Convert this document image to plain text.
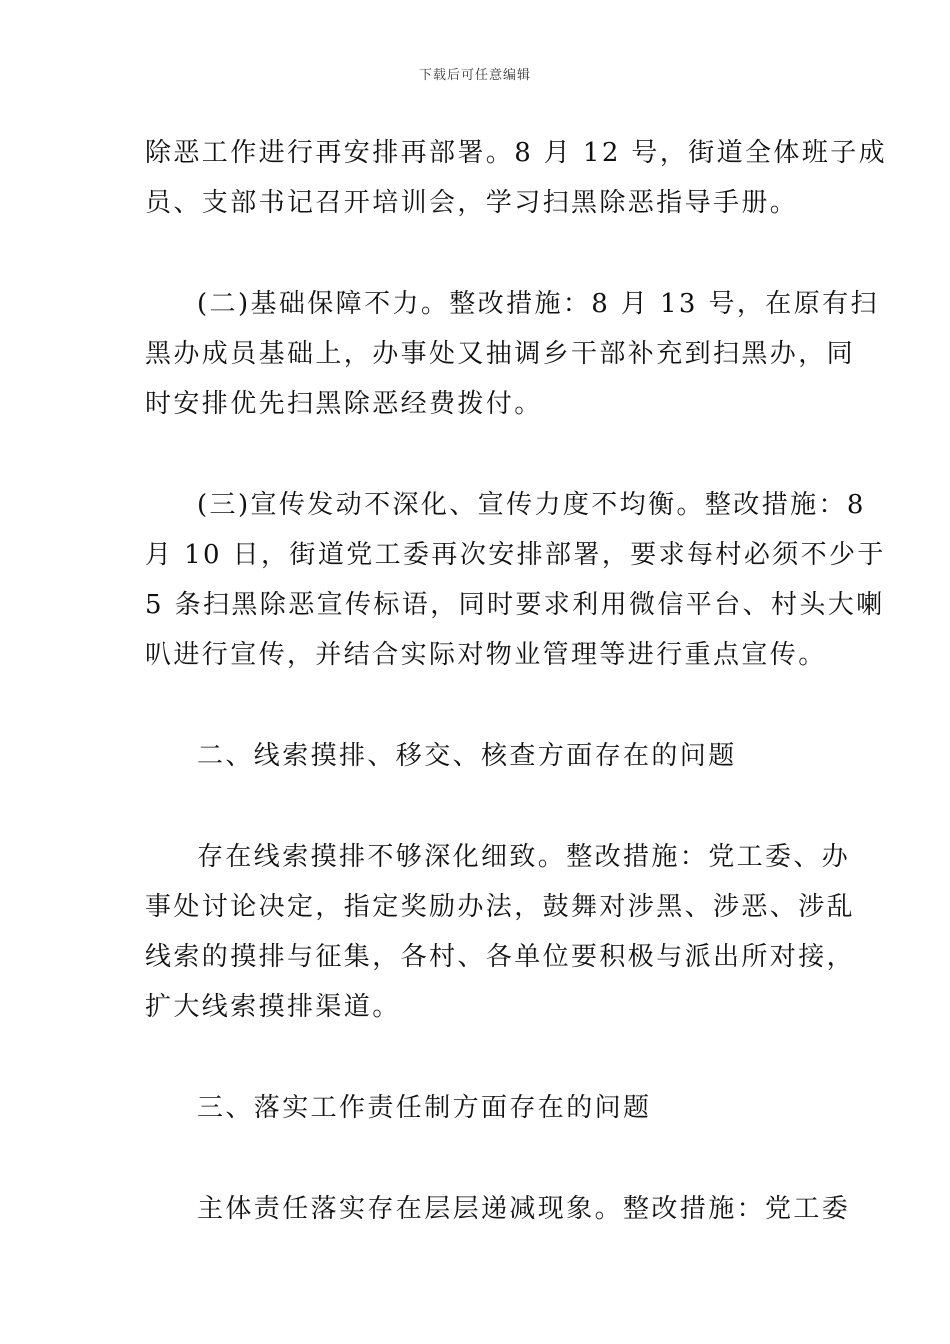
下载后可任意编辑
除恶工作进行再安排再部署。8 月 12 号，街道全体班子成
员、支部书记召开培训会，学习扫黑除恶指导手册。
(二)基础保障不力。整改措施：8 月 13 号，在原有扫
黑办成员基础上，办事处又抽调乡干部补充到扫黑办，同
时安排优先扫黑除恶经费拨付。
(三)宣传发动不深化、宣传力度不均衡。整改措施：8
月 10 日，街道党工委再次安排部署，要求每村必须不少于
5 条扫黑除恶宣传标语，同时要求利用微信平台、村头大喇
叭进行宣传，并结合实际对物业管理等进行重点宣传。
二、线索摸排、移交、核查方面存在的问题
存在线索摸排不够深化细致。整改措施：党工委、办
事处讨论决定，指定奖励办法，鼓舞对涉黑、涉恶、涉乱
线索的摸排与征集，各村、各单位要积极与派出所对接，
扩大线索摸排渠道。
三、落实工作责任制方面存在的问题
主体责任落实存在层层递减现象。整改措施：党工委
